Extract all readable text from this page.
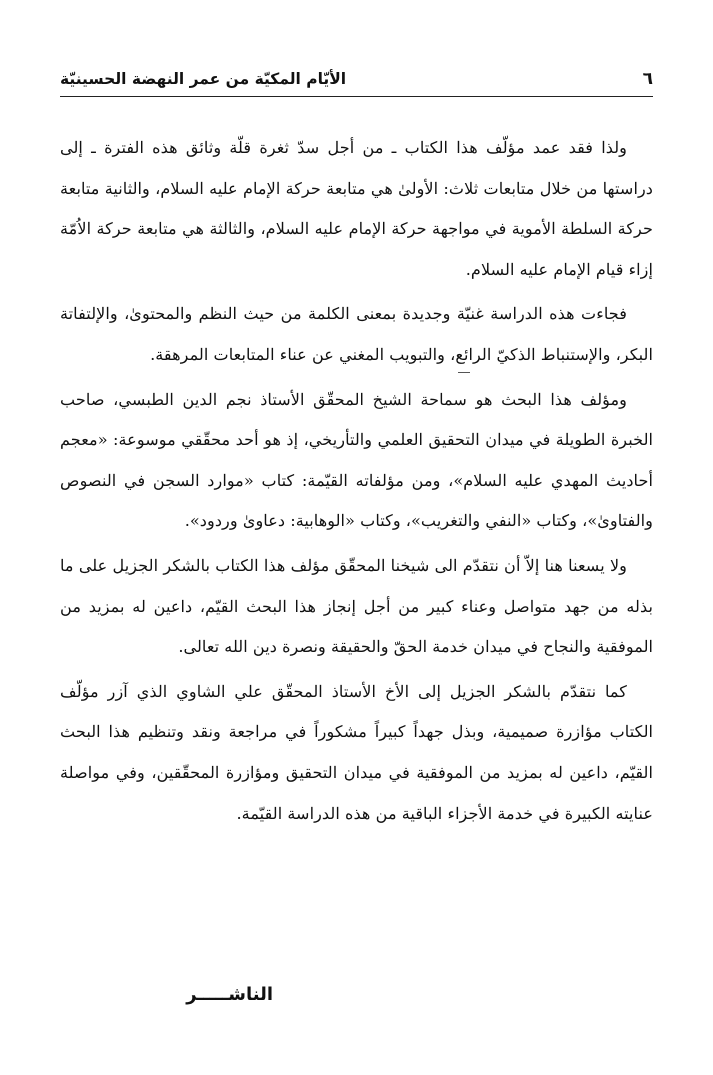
٦
الأيّام المكيّة من عمر النهضة الحسينيّة

ولذا فقد عمد مؤلّف هذا الكتاب ـ من أجل سدّ ثغرة قلّة وثائق هذه الفترة ـ إلى دراستها من خلال متابعات ثلاث: الأولىٰ هي متابعة حركة الإمام عليه السلام، والثانية متابعة حركة السلطة الأموية في مواجهة حركة الإمام عليه السلام، والثالثة هي متابعة حركة الاُمّة إزاء قيام الإمام عليه السلام.

فجاءت هذه الدراسة غنيّة وجديدة بمعنى الكلمة من حيث النظم والمحتوىٰ، والإلتفاتة البكر، والإستنباط الذكيّ الرائع، والتبويب المغني عن عناء المتابعات المرهقة.

ومؤلف هذا البحث هو سماحة الشيخ المحقّق الأستاذ نجم الدين الطبسي، صاحب الخبرة الطويلة في ميدان التحقيق العلمي والتأريخي، إذ هو أحد محقّقي موسوعة: «معجم أحاديث المهدي عليه السلام»، ومن مؤلفاته القيّمة: كتاب «موارد السجن في النصوص والفتاوىٰ»، وكتاب «النفي والتغريب»، وكتاب «الوهابية: دعاوىٰ وردود».

ولا يسعنا هنا إلاّ أن نتقدّم الى شيخنا المحقّق مؤلف هذا الكتاب بالشكر الجزيل على ما بذله من جهد متواصل وعناء كبير من أجل إنجاز هذا البحث القيّم، داعين له بمزيد من الموفقية والنجاح في ميدان خدمة الحقّ والحقيقة ونصرة دين الله تعالى.

كما نتقدّم بالشكر الجزيل إلى الأخ الأستاذ المحقّق علي الشاوي الذي آزر مؤلّف الكتاب مؤازرة صميمية، وبذل جهداً كبيراً مشكوراً في مراجعة ونقد وتنظيم هذا البحث القيّم، داعين له بمزيد من الموفقية في ميدان التحقيق ومؤازرة المحقّقين، وفي مواصلة عنايته الكبيرة في خدمة الأجزاء الباقية من هذه الدراسة القيّمة.

الناشـــــر
